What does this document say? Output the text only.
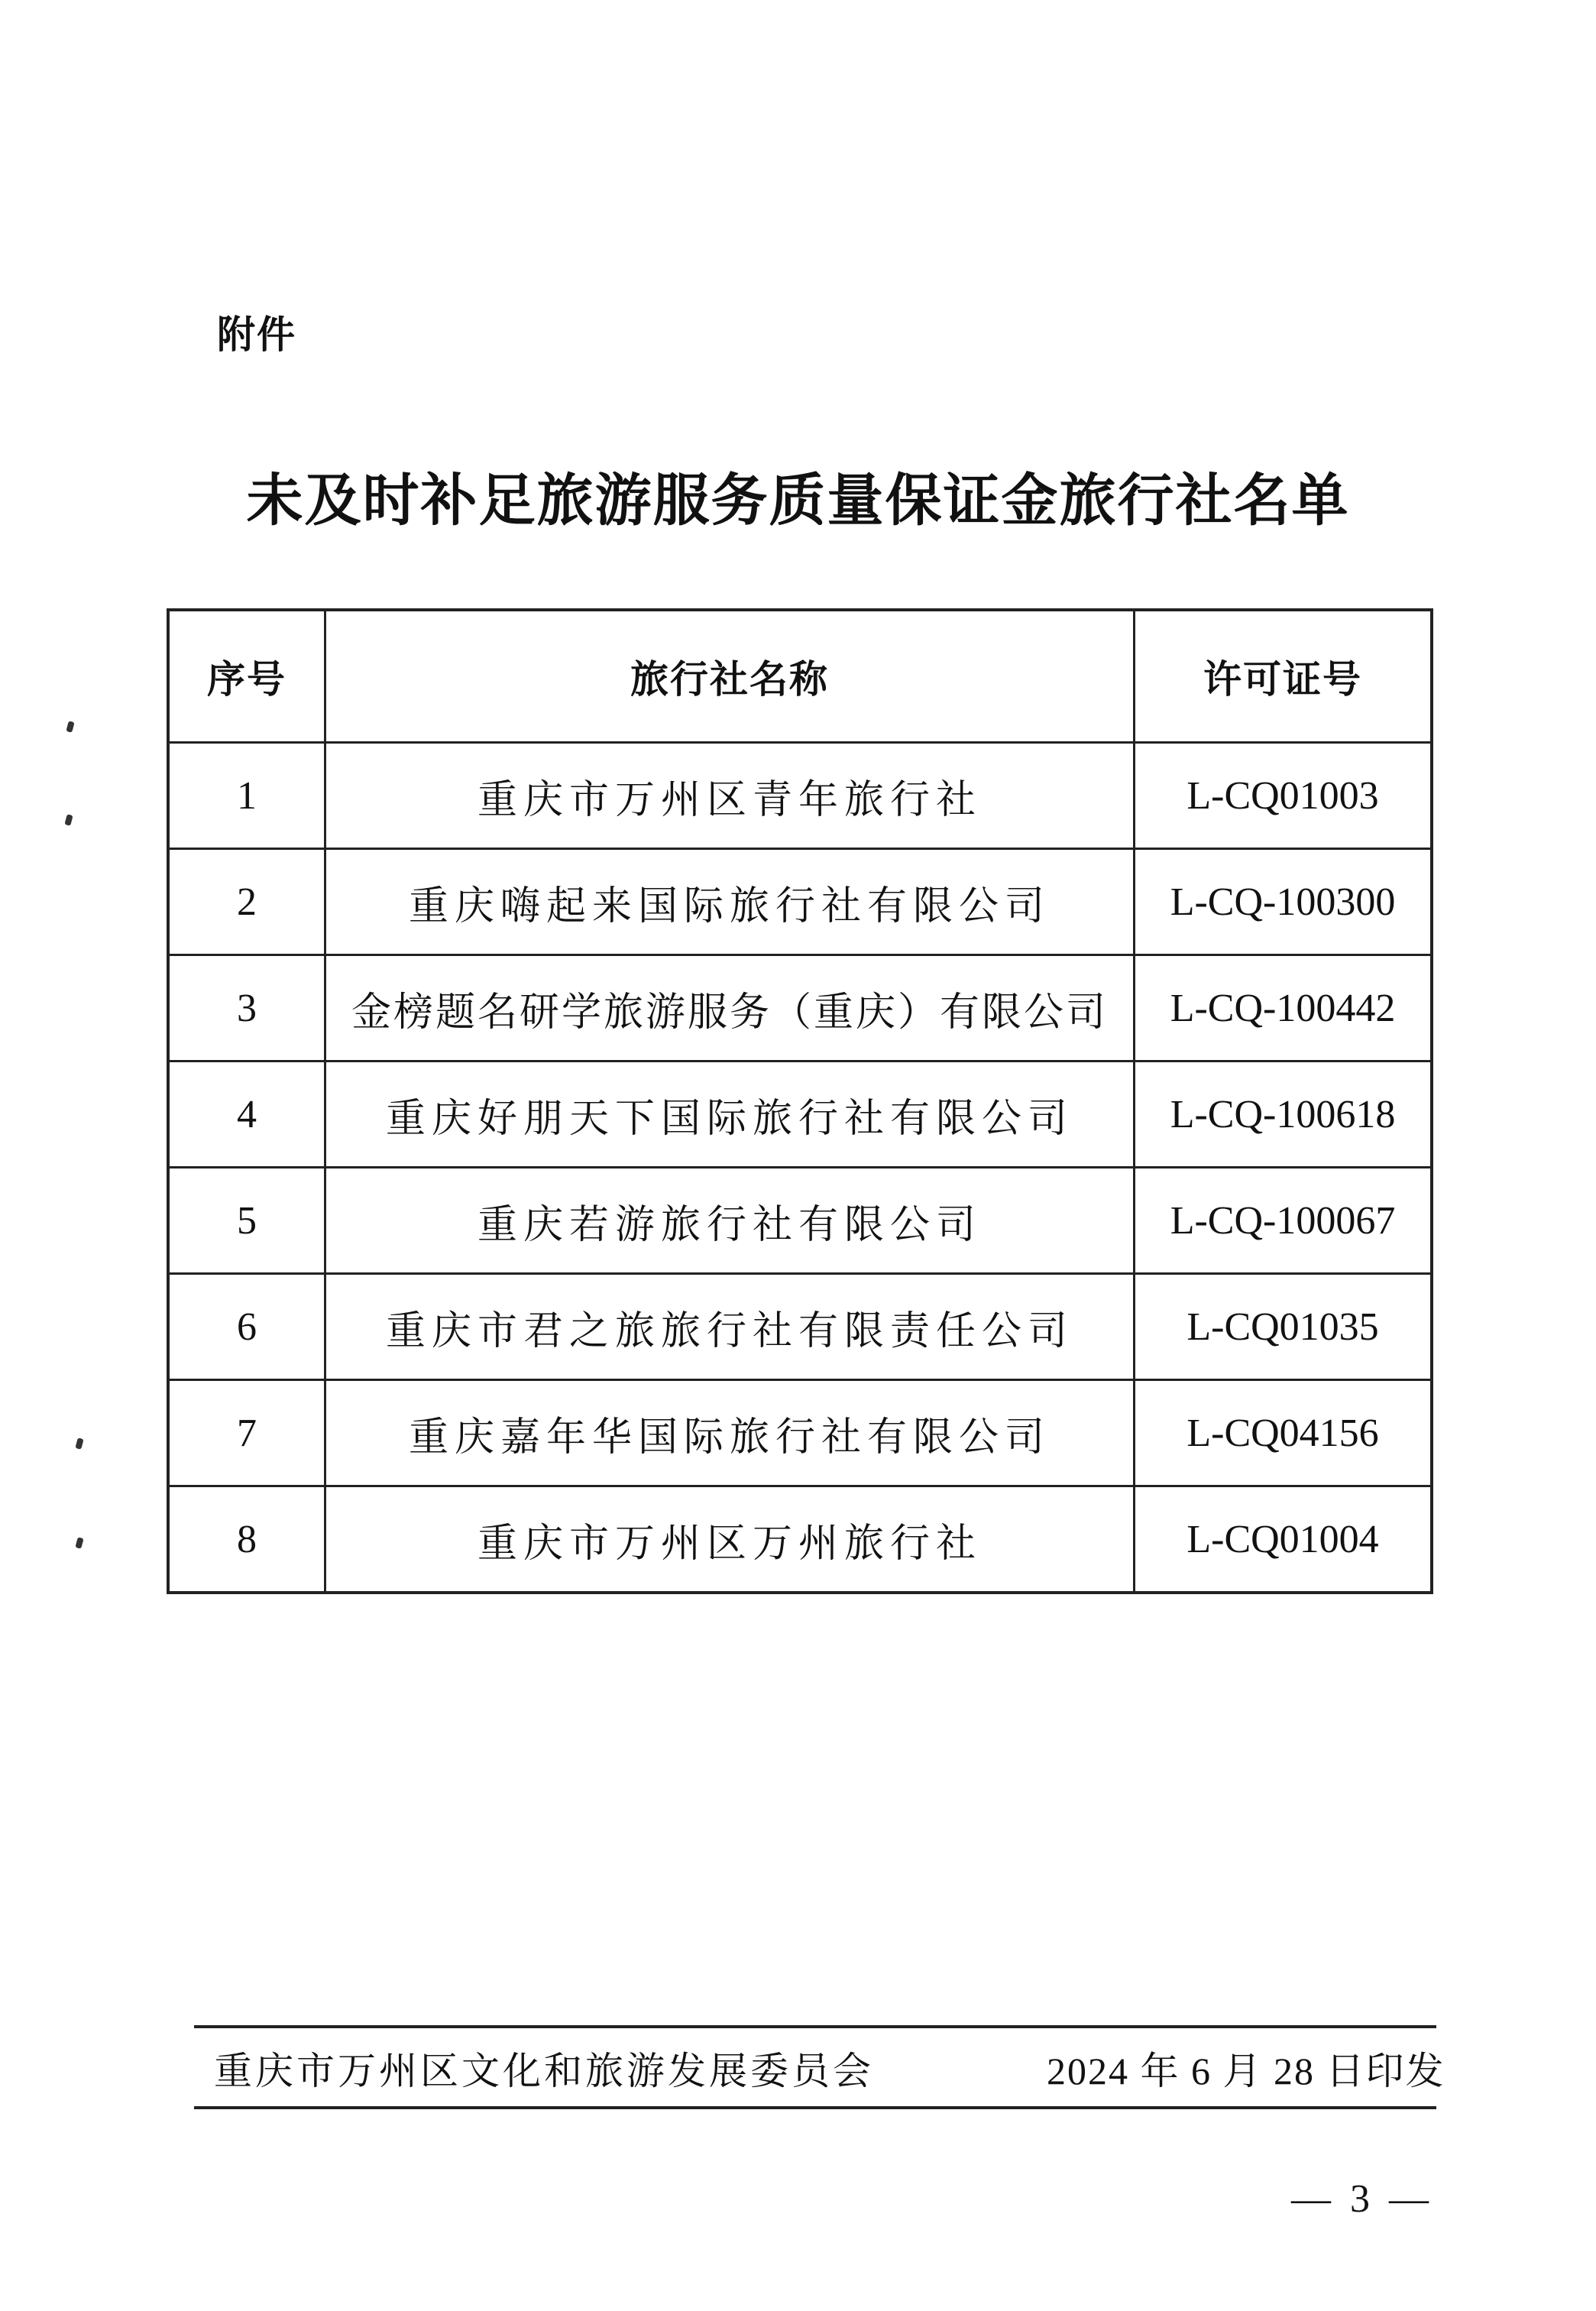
附件
未及时补足旅游服务质量保证金旅行社名单
序号	旅行社名称	许可证号
1	重庆市万州区青年旅行社	L-CQ01003
2	重庆嗨起来国际旅行社有限公司	L-CQ-100300
3	金榜题名研学旅游服务（重庆）有限公司	L-CQ-100442
4	重庆好朋天下国际旅行社有限公司	L-CQ-100618
5	重庆若游旅行社有限公司	L-CQ-100067
6	重庆市君之旅旅行社有限责任公司	L-CQ01035
7	重庆嘉年华国际旅行社有限公司	L-CQ04156
8	重庆市万州区万州旅行社	L-CQ01004
重庆市万州区文化和旅游发展委员会	2024 年 6 月 28 日印发
— 3 —
